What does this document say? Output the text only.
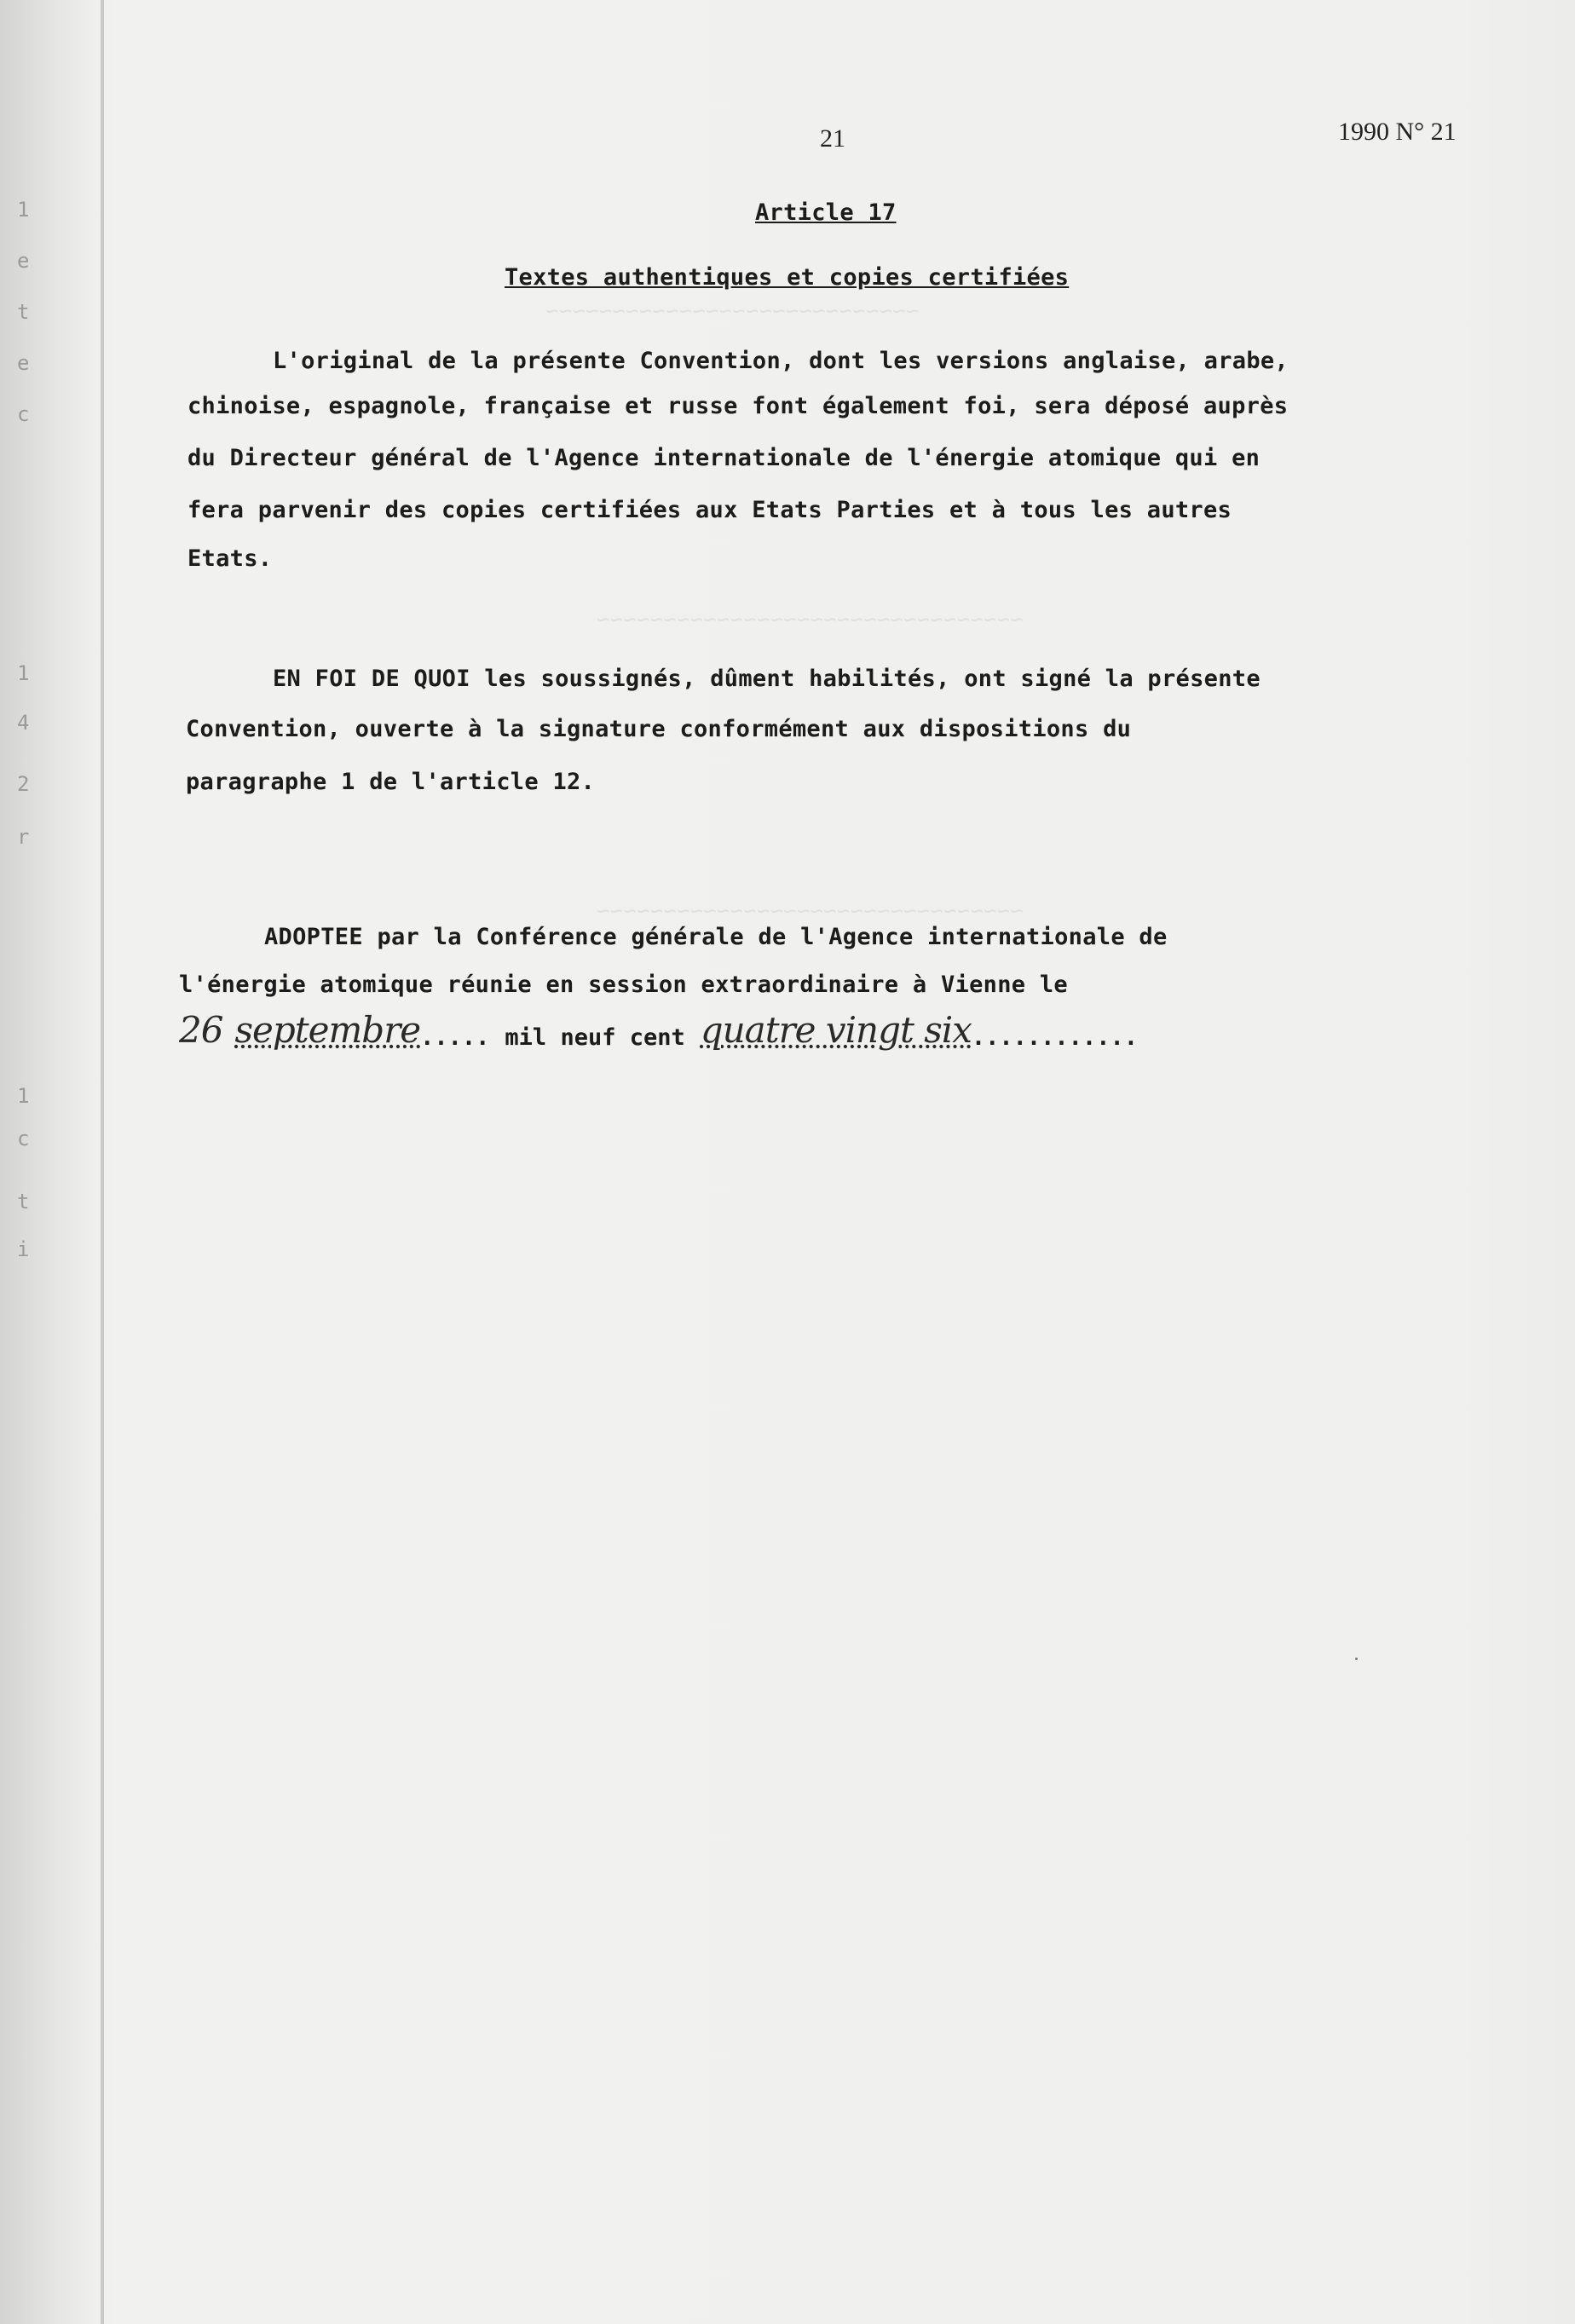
~~~~~~~~~~~~~~~~~~~~~~~~~~~~
~~~~~~~~~~~~~~~~~~~~~~~~~~~~~~~~
~~~~~~~~~~~~~~~~~~~~~~~~~~~~~~~~
1
e
t
e
c
1
4
2
r
1
c
t
i
21	1990 N° 21
Article 17
Textes authentiques et copies certifiées
L'original de la présente Convention, dont les versions anglaise, arabe,
chinoise, espagnole, française et russe font également foi, sera déposé auprès
du Directeur général de l'Agence internationale de l'énergie atomique qui en
fera parvenir des copies certifiées aux Etats Parties et à tous les autres
Etats.
EN FOI DE QUOI les soussignés, dûment habilités, ont signé la présente
Convention, ouverte à la signature conformément aux dispositions du
paragraphe 1 de l'article 12.
ADOPTEE par la Conférence générale de l'Agence internationale de
l'énergie atomique réunie en session extraordinaire à Vienne le
26 septembre ..... mil neuf cent quatre vingt six ............
